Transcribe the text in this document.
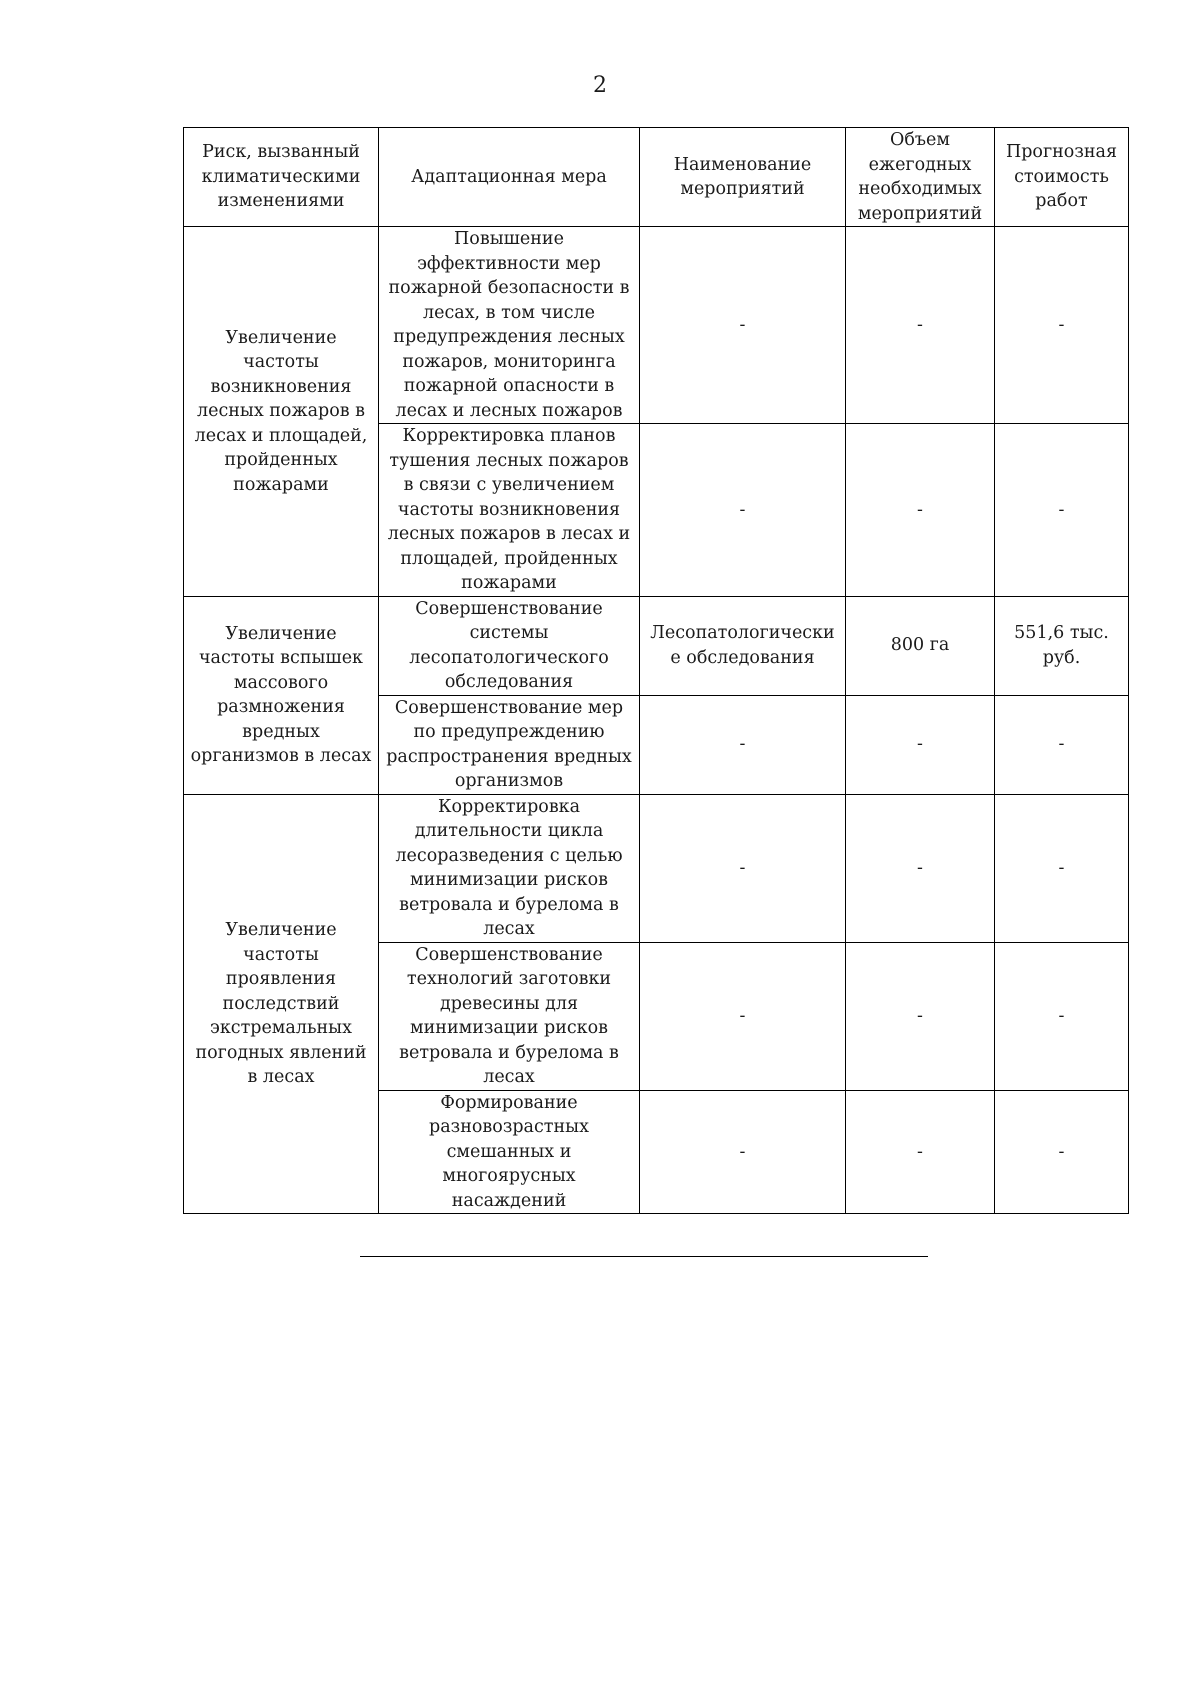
2
Риск, вызванный климатическими изменениями	Адаптационная мера	Наименование мероприятий	Объем ежегодных необходимых мероприятий	Прогнозная стоимость работ
Увеличение частоты возникновения лесных пожаров в лесах и площадей, пройденных пожарами	Повышение эффективности мер пожарной безопасности в лесах, в том числе предупреждения лесных пожаров, мониторинга пожарной опасности в лесах и лесных пожаров	-	-	-
	Корректировка планов тушения лесных пожаров в связи с увеличением частоты возникновения лесных пожаров в лесах и площадей, пройденных пожарами	-	-	-
Увеличение частоты вспышек массового размножения вредных организмов в лесах	Совершенствование системы лесопатологического обследования	Лесопатологически е обследования	800 га	551,6 тыс. руб.
	Совершенствование мер по предупреждению распространения вредных организмов	-	-	-
Увеличение частоты проявления последствий экстремальных погодных явлений в лесах	Корректировка длительности цикла лесоразведения с целью минимизации рисков ветровала и бурелома в лесах	-	-	-
	Совершенствование технологий заготовки древесины для минимизации рисков ветровала и бурелома в лесах	-	-	-
	Формирование разновозрастных смешанных и многоярусных насаждений	-	-	-
